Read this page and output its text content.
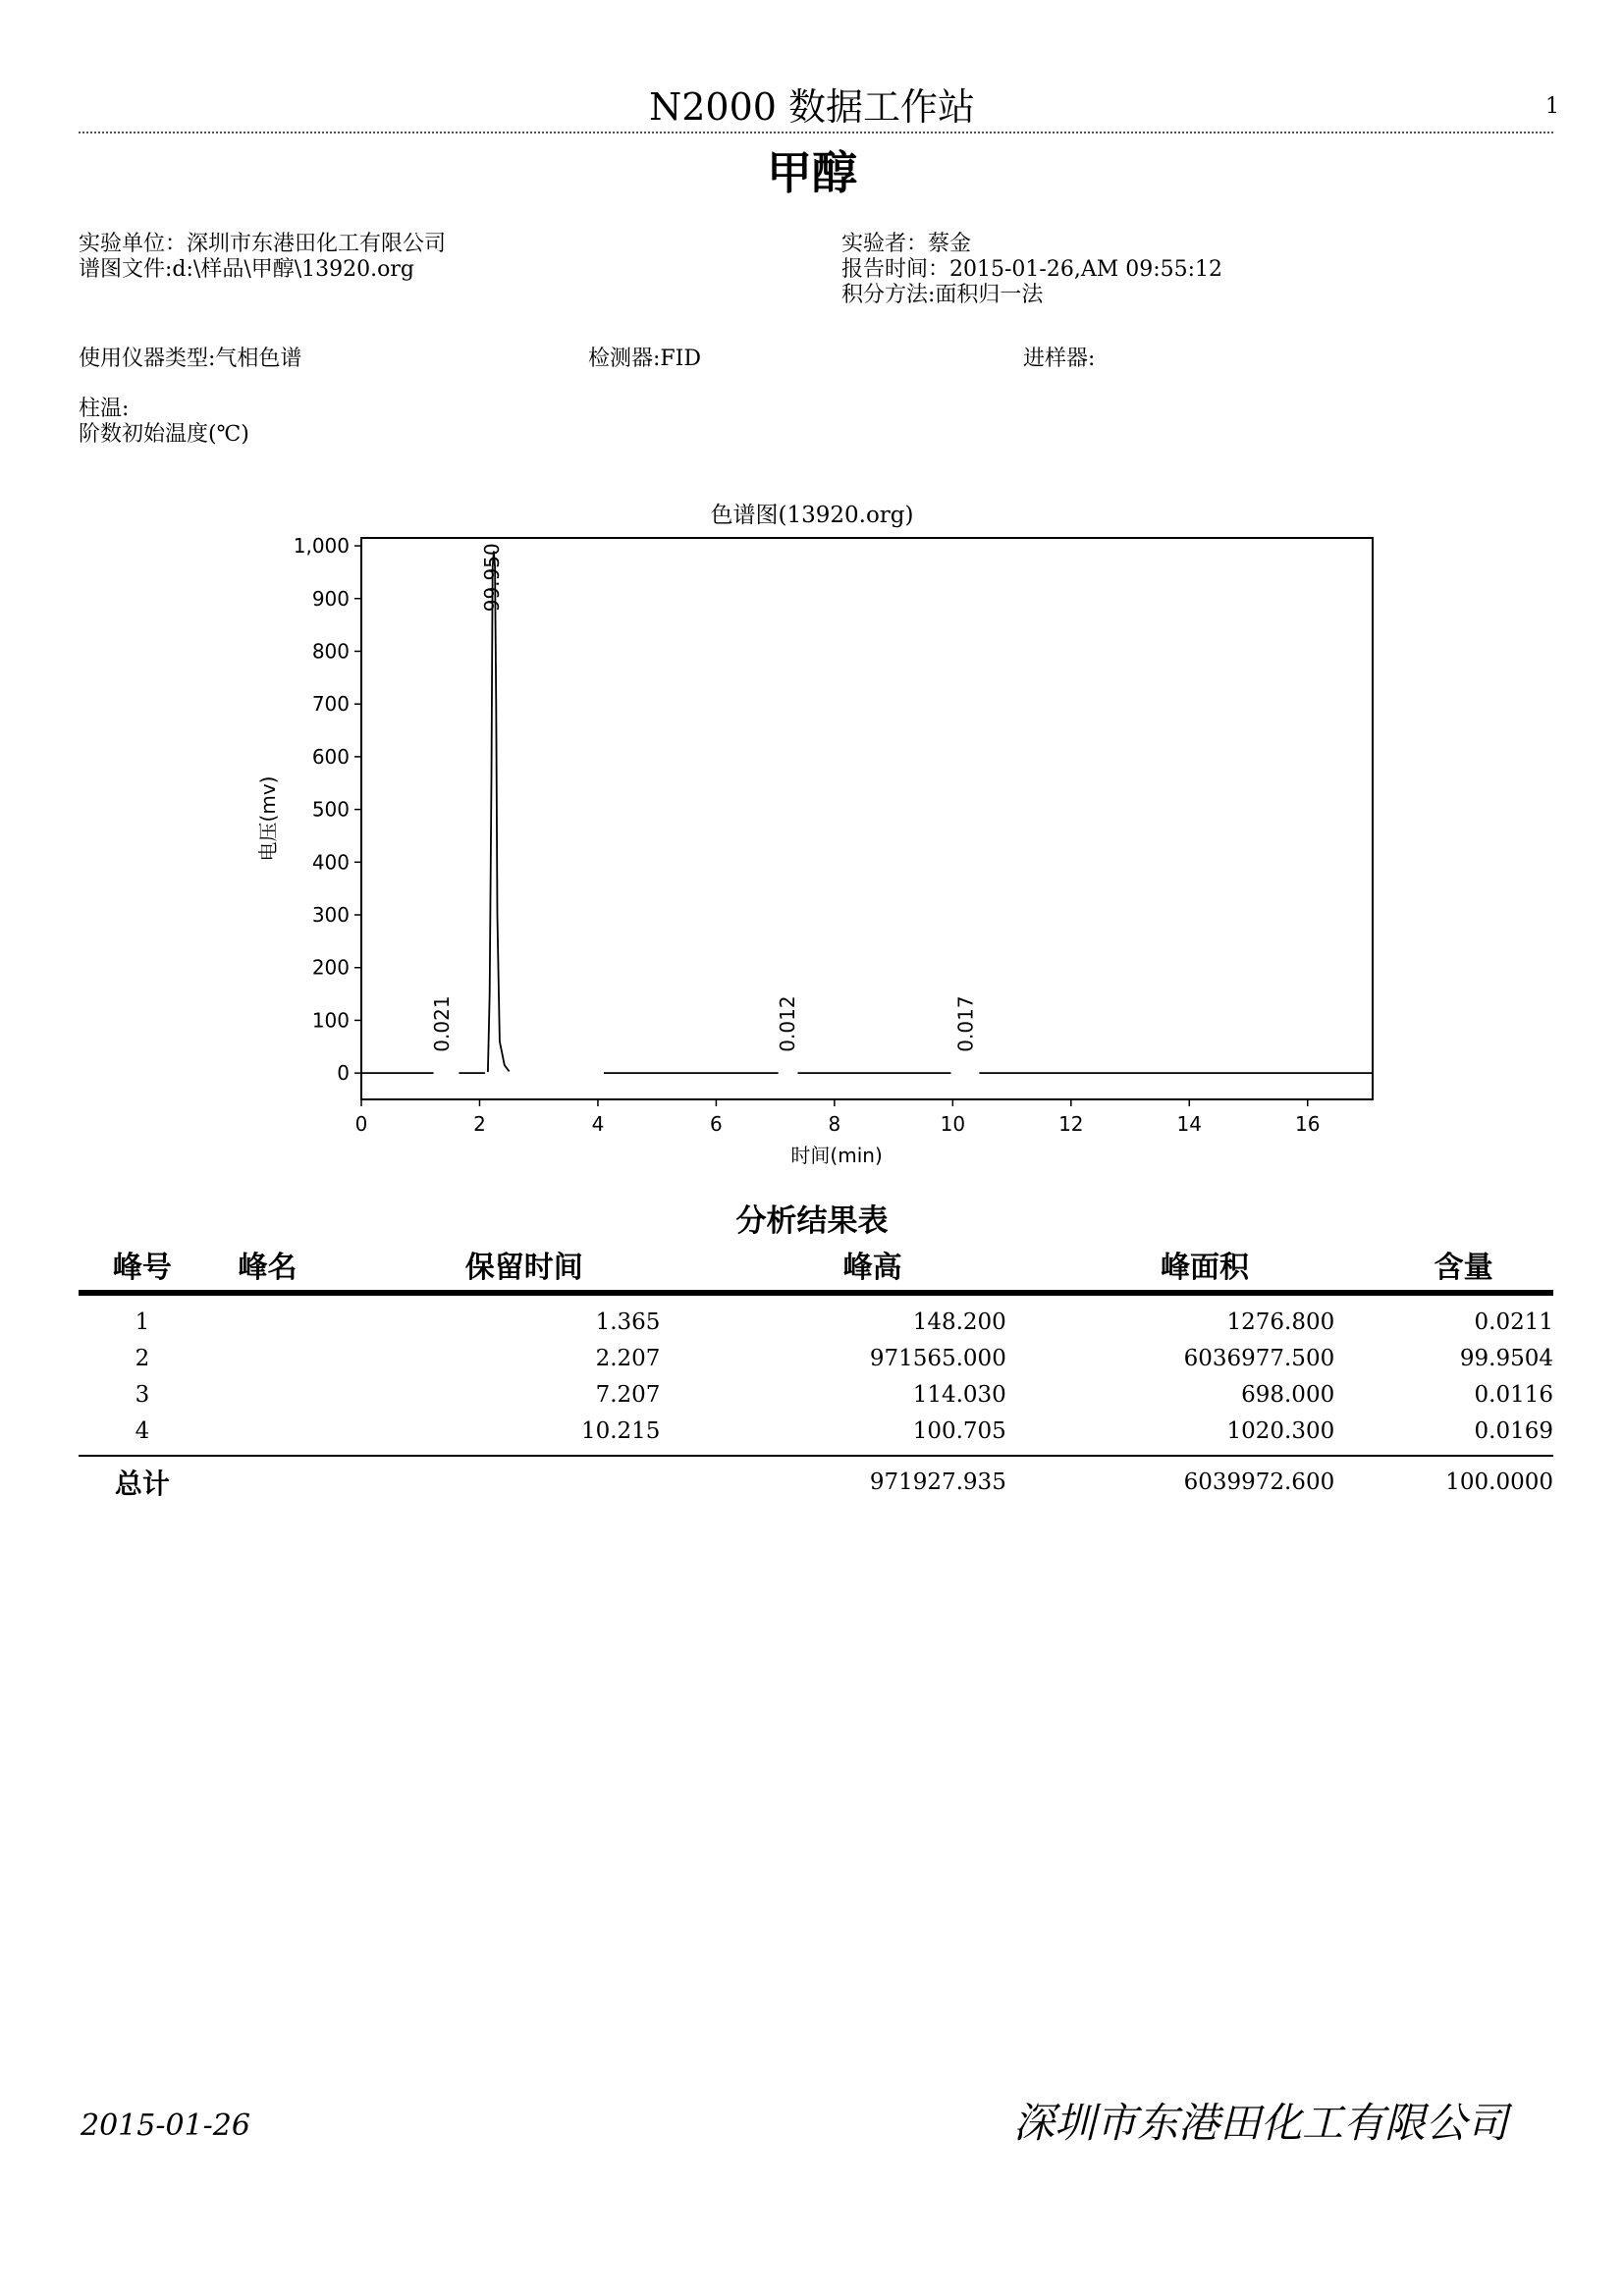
N2000 数据工作站	1
甲醇
实验单位：深圳市东港田化工有限公司
谱图文件:d:\样品\甲醇\13920.org
实验者：蔡金
报告时间：2015-01-26,AM 09:55:12
积分方法:面积归一法
使用仪器类型:气相色谱	检测器:FID	进样器:
柱温:
阶数初始温度(℃)
色谱图(13920.org)
0	2	4	6	8	10	12	14	16
0
100
200
300
400
500
600
700
800
900
1,000
时间(min)
电压(mv)
0.021
99.950
0.012	0.017
分析结果表
峰号	峰名	保留时间	峰高	峰面积	含量
1		1.365	148.200	1276.800	0.0211
2		2.207	971565.000	6036977.500	99.9504
3		7.207	114.030	698.000	0.0116
4		10.215	100.705	1020.300	0.0169
总计			971927.935	6039972.600	100.0000
2015-01-26	深圳市东港田化工有限公司
